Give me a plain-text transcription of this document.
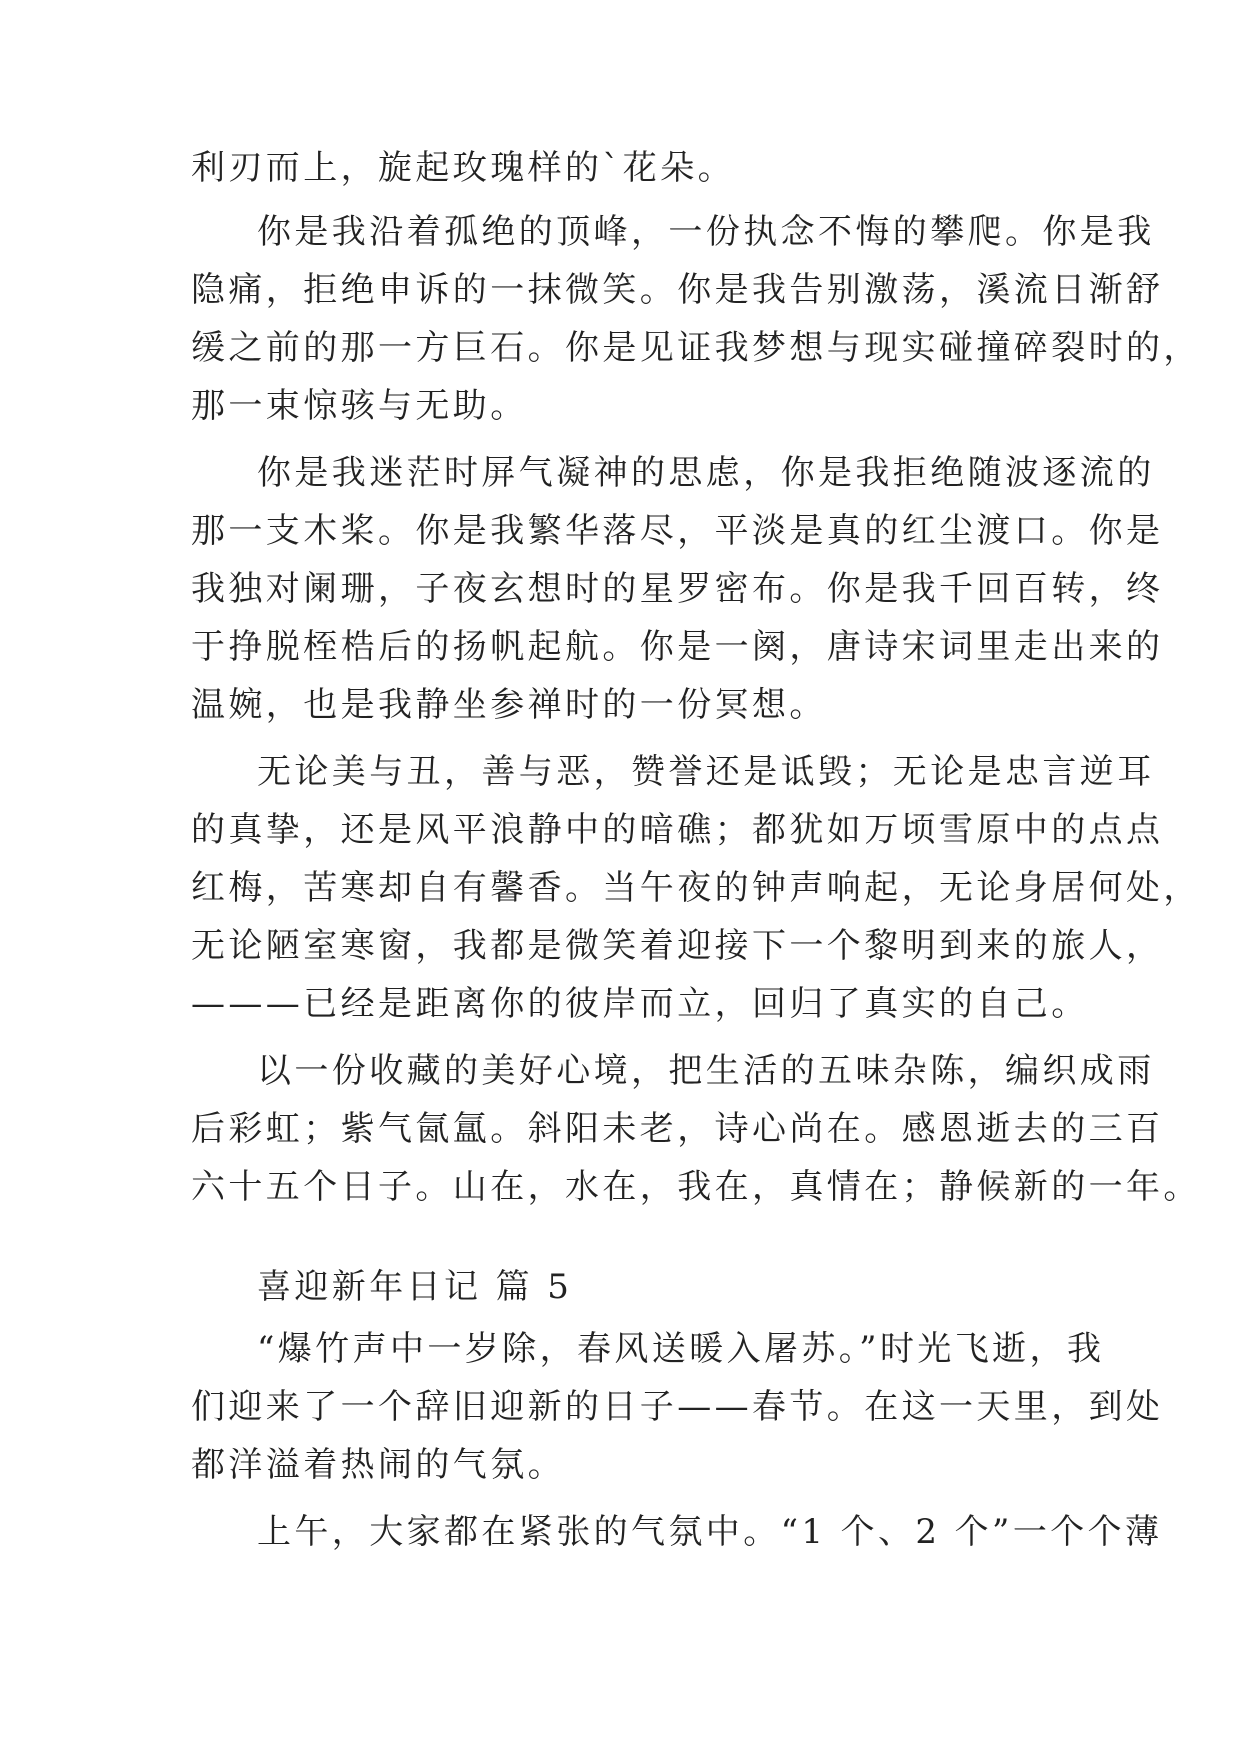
利刃而上，旋起玫瑰样的`花朵。
你是我沿着孤绝的顶峰，一份执念不悔的攀爬。你是我
隐痛，拒绝申诉的一抹微笑。你是我告别激荡，溪流日渐舒
缓之前的那一方巨石。你是见证我梦想与现实碰撞碎裂时的，
那一束惊骇与无助。
你是我迷茫时屏气凝神的思虑，你是我拒绝随波逐流的
那一支木桨。你是我繁华落尽，平淡是真的红尘渡口。你是
我独对阑珊，子夜玄想时的星罗密布。你是我千回百转，终
于挣脱桎梏后的扬帆起航。你是一阕，唐诗宋词里走出来的
温婉，也是我静坐参禅时的一份冥想。
无论美与丑，善与恶，赞誉还是诋毁；无论是忠言逆耳
的真挚，还是风平浪静中的暗礁；都犹如万顷雪原中的点点
红梅，苦寒却自有馨香。当午夜的钟声响起，无论身居何处，
无论陋室寒窗，我都是微笑着迎接下一个黎明到来的旅人，
———已经是距离你的彼岸而立，回归了真实的自己。
以一份收藏的美好心境，把生活的五味杂陈，编织成雨
后彩虹；紫气氤氲。斜阳未老，诗心尚在。感恩逝去的三百
六十五个日子。山在，水在，我在，真情在；静候新的一年。
喜迎新年日记 篇 5
“爆竹声中一岁除，春风送暖入屠苏。”时光飞逝，我
们迎来了一个辞旧迎新的日子——春节。在这一天里，到处
都洋溢着热闹的气氛。
上午，大家都在紧张的气氛中。“1 个、2 个”一个个薄
